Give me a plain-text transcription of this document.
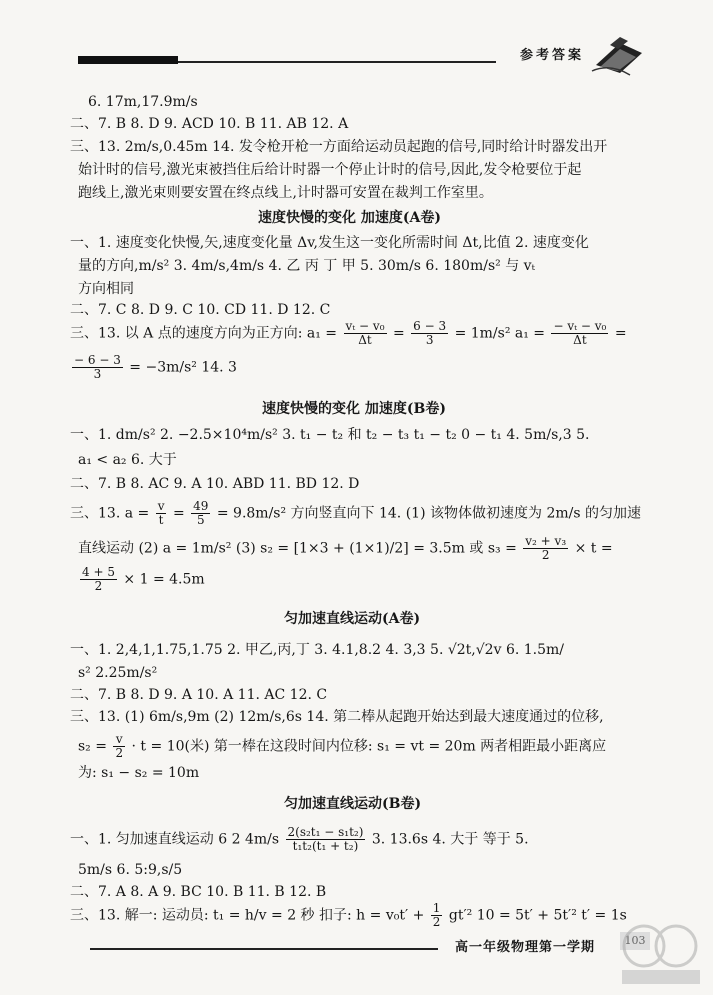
参考答案
6. 17m,17.9m/s
二、7. B 8. D 9. ACD 10. B 11. AB 12. A
三、13. 2m/s,0.45m 14. 发令枪开枪一方面给运动员起跑的信号,同时给计时器发出开
始计时的信号,激光束被挡住后给计时器一个停止计时的信号,因此,发令枪要位于起
跑线上,激光束则要安置在终点线上,计时器可安置在裁判工作室里。
速度快慢的变化 加速度(A卷)
一、1. 速度变化快慢,矢,速度变化量 Δv,发生这一变化所需时间 Δt,比值 2. 速度变化
量的方向,m/s² 3. 4m/s,4m/s 4. 乙 丙 丁 甲 5. 30m/s 6. 180m/s² 与 vₜ
方向相同
二、7. C 8. D 9. C 10. CD 11. D 12. C
三、13. 以 A 点的速度方向为正方向: $a_1 = \frac{\text{vₜ − v₀}}{\Delta t} = \frac{6 - 3}{3} = 1m/s^2$ $a_1 = \frac{\text{− vₜ − v₀}}{\Delta t}$ =
$\frac{- 6 - 3}{3} = -3m/s^2$ 14. 3
速度快慢的变化 加速度(B卷)
一、1. dm/s² 2. −2.5×10⁴m/s² 3. t₁ − t₂ 和 t₂ − t₃ t₁ − t₂ 0 − t₁ 4. 5m/s,3 5.
a₁ < a₂ 6. 大于
二、7. B 8. AC 9. A 10. ABD 11. BD 12. D
三、13. $a = \frac{v}{t} = \frac{49}{5} = 9.8m/s^2$ 方向竖直向下 14. (1) 该物体做初速度为 2m/s 的匀加速
直线运动 (2) a = 1m/s² (3) s₂ = [1×3 + (1×1)/2] = 3.5m 或 $s_3 = \frac{\text{v₂ + v₃}}{2} \times t$ =
$\frac{4 + 5}{2} \times 1 = 4.5m$
匀加速直线运动(A卷)
一、1. 2,4,1,1.75,1.75 2. 甲乙,丙,丁 3. 4.1,8.2 4. 3,3 5. √2t,√2v 6. 1.5m/
s² 2.25m/s²
二、7. B 8. D 9. A 10. A 11. AC 12. C
三、13. (1) 6m/s,9m (2) 12m/s,6s 14. 第二棒从起跑开始达到最大速度通过的位移,
$s_2 = \frac{v}{2} \cdot t = 10$(米) 第一棒在这段时间内位移: s₁ = vt = 20m 两者相距最小距离应
为: s₁ − s₂ = 10m
匀加速直线运动(B卷)
一、1. 匀加速直线运动 6 2 $4m/s \frac{\text{2(s₂t₁ − s₁t₂)}}{\text{t₁t₂(t₁ + t₂)}} 3$. 13.6s 4. 大于 等于 5.
5m/s 6. 5:9,s/5
二、7. A 8. A 9. BC 10. B 11. B 12. B
三、13. 解一: 运动员: t₁ = h/v = 2 秒 扣子: $h = v_0t' + \frac{1}{2} gt'^2$ 10 = 5t′ + 5t′² t′ = 1s
高一年级物理第一学期	103
